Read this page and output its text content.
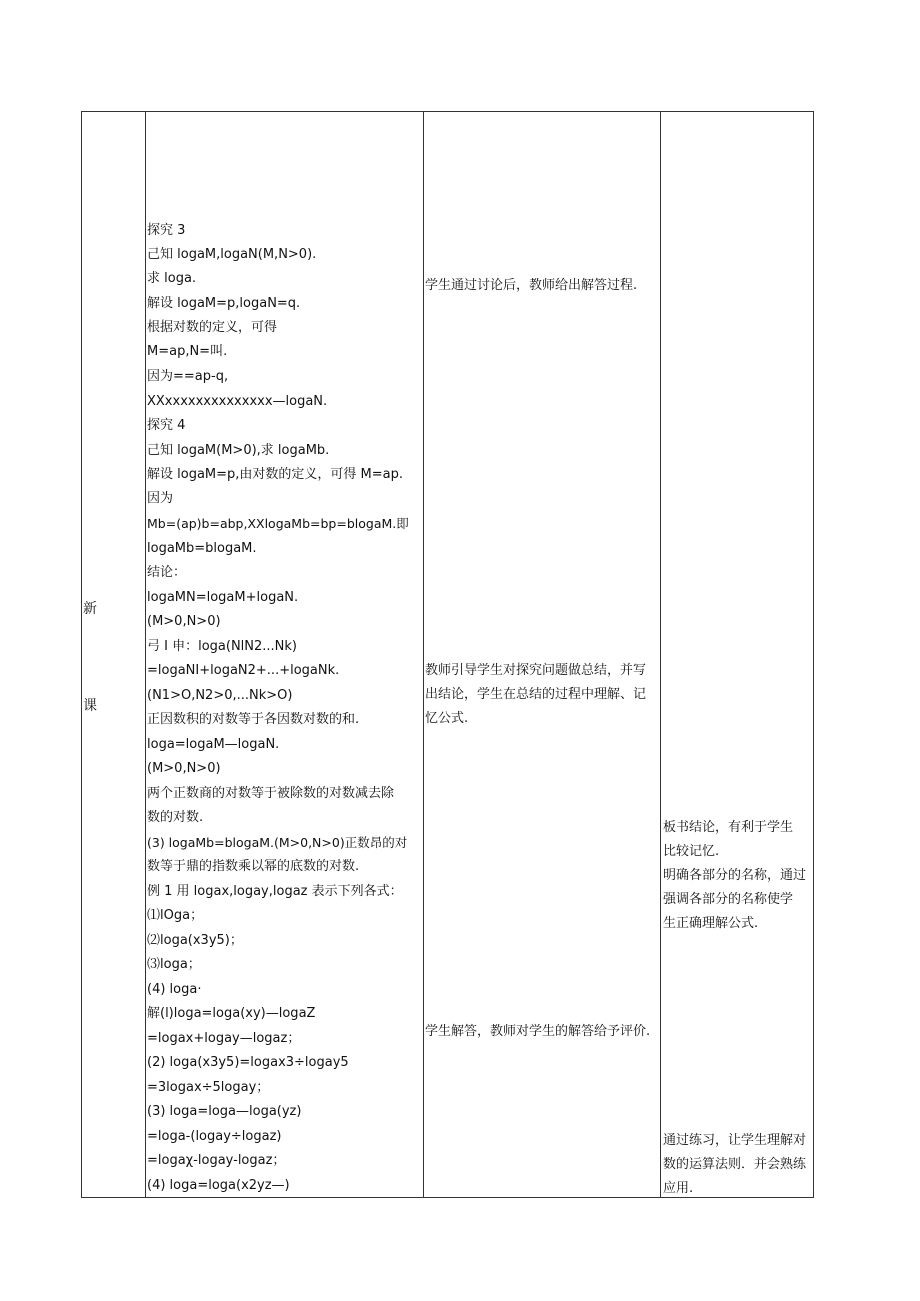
新
课
探究 3
己知 logaM,logaN(M,N>0).
求 loga.
解设 logaM=p,logaN=q.
根据对数的定义，可得
M=ap,N=叫.
因为==ap-q,
XXxxxxxxxxxxxxxx—logaN.
探究 4
己知 logaM(M>0),求 logaMb.
解设 logaM=p,由对数的定义，可得 M=ap.
因为
Mb=(ap)b=abp,XXlogaMb=bp=blogaM.即
logaMb=blogaM.
结论：
logaMN=logaM+logaN.
(M>0,N>0)
弓 I 申：loga(NlN2...Nk)
=logaNI+logaN2+...+logaNk.
(N1>O,N2>0,...Nk>O)
正因数积的对数等于各因数对数的和.
loga=logaM—logaN.
(M>0,N>0)
两个正数商的对数等于被除数的对数减去除
数的对数.
(3) logaMb=blogaM.(M>0,N>0)正数昂的对
数等于鼎的指数乘以幂的底数的对数.
例 1 用 logax,logay,logaz 表示下列各式：
⑴lOga；
⑵loga(x3y5)；
⑶loga；
(4) loga·
解(l)loga=loga(xy)—logaZ
=logax+logay—logaz；
(2) loga(x3y5)=logax3÷logay5
=3logax÷5logay；
(3) loga=loga—loga(yz)
=loga-(logay÷logaz)
=logaχ-logay-logaz；
(4) loga=loga(x2yz—)
学生通过讨论后，教师给出解答过程.
教师引导学生对探究问题做总结，并写
出结论，学生在总结的过程中理解、记
忆公式.
学生解答，教师对学生的解答给予评价.
板书结论，有利于学生
比较记忆.
明确各部分的名称，通过
强调各部分的名称使学
生正确理解公式.
通过练习，让学生理解对
数的运算法则．并会熟练
应用.
